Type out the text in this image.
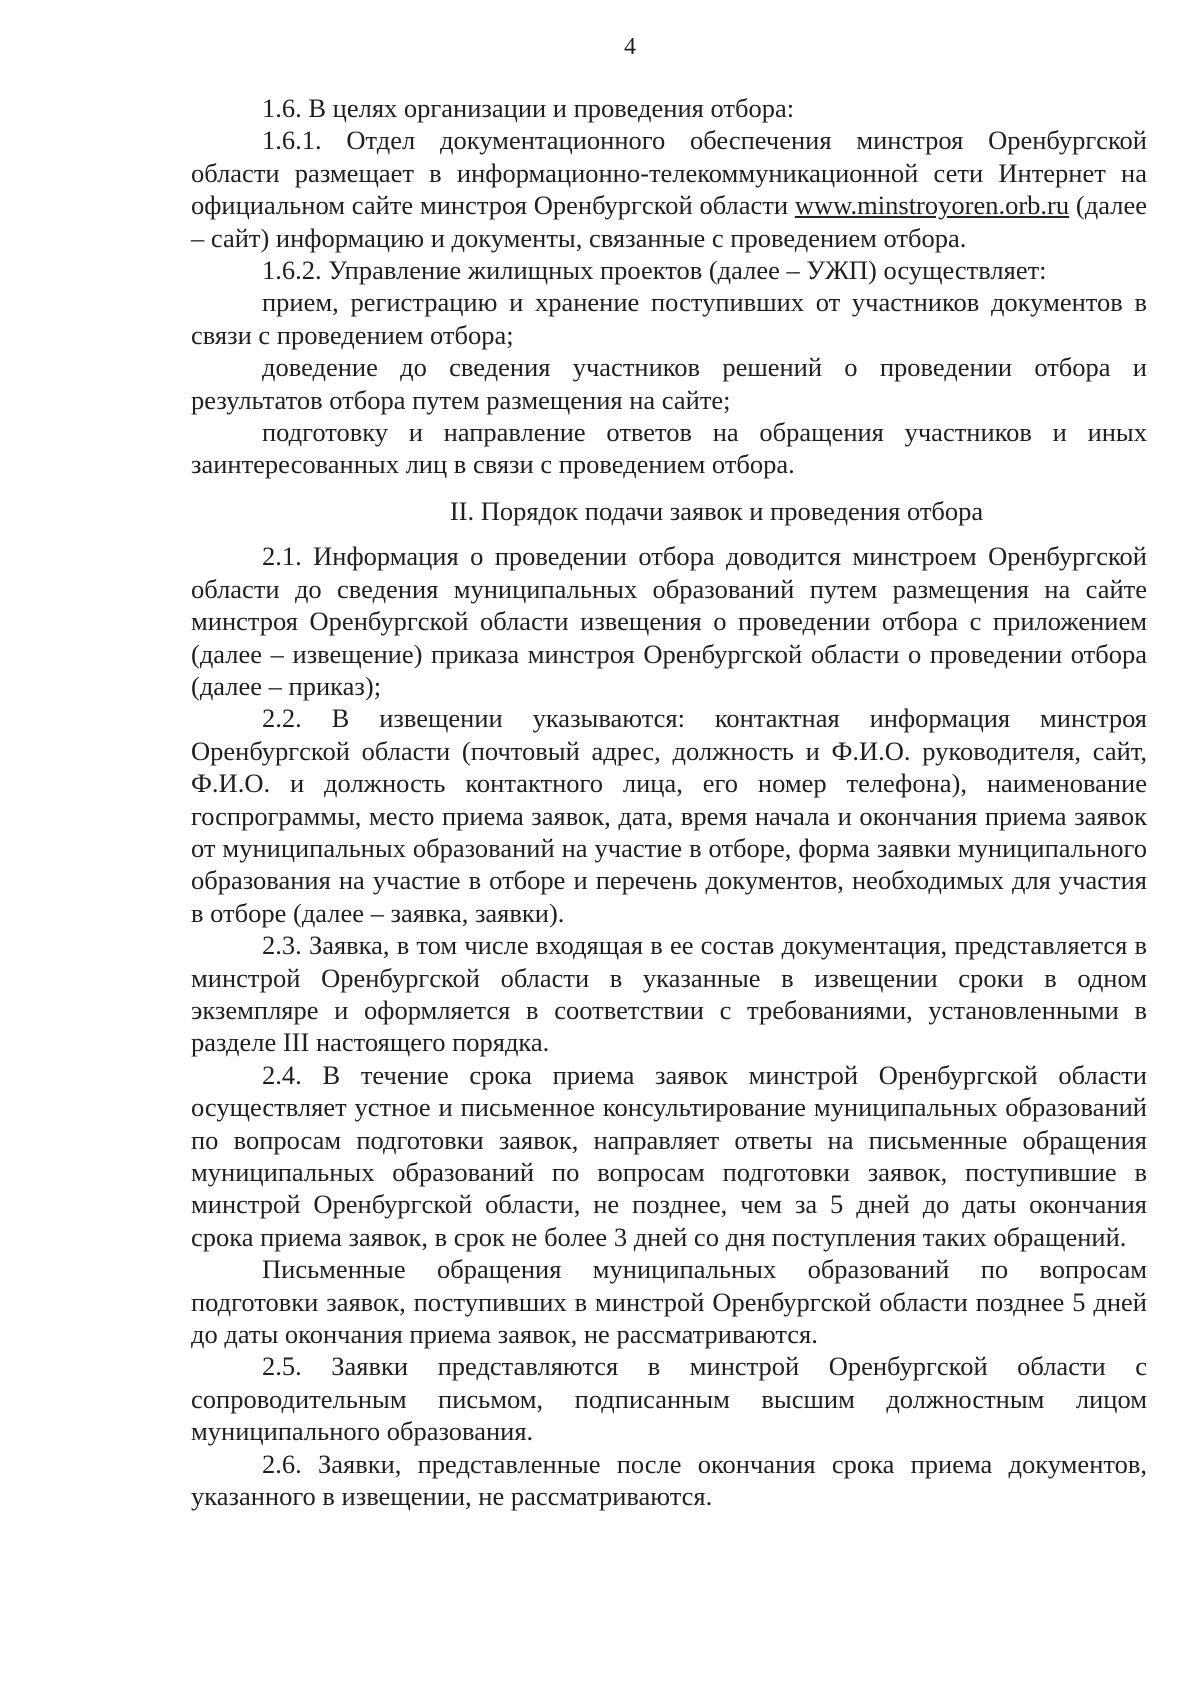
4

1.6. В целях организации и проведения отбора:

1.6.1. Отдел документационного обеспечения минстроя Оренбургской области размещает в информационно-телекоммуникационной сети Интернет на официальном сайте минстроя Оренбургской области www.minstroyoren.orb.ru (далее – сайт) информацию и документы, связанные с проведением отбора.

1.6.2. Управление жилищных проектов (далее – УЖП) осуществляет:

прием, регистрацию и хранение поступивших от участников документов в связи с проведением отбора;

доведение до сведения участников решений о проведении отбора и результатов отбора путем размещения на сайте;

подготовку и направление ответов на обращения участников и иных заинтересованных лиц в связи с проведением отбора.

II. Порядок подачи заявок и проведения отбора

2.1. Информация о проведении отбора доводится минстроем Оренбургской области до сведения муниципальных образований путем размещения на сайте минстроя Оренбургской области извещения о проведении отбора с приложением (далее – извещение) приказа минстроя Оренбургской области о проведении отбора (далее – приказ);

2.2. В извещении указываются: контактная информация минстроя Оренбургской области (почтовый адрес, должность и Ф.И.О. руководителя, сайт, Ф.И.О. и должность контактного лица, его номер телефона), наименование госпрограммы, место приема заявок, дата, время начала и окончания приема заявок от муниципальных образований на участие в отборе, форма заявки муниципального образования на участие в отборе и перечень документов, необходимых для участия в отборе (далее – заявка, заявки).

2.3. Заявка, в том числе входящая в ее состав документация, представляется в минстрой Оренбургской области в указанные в извещении сроки в одном экземпляре и оформляется в соответствии с требованиями, установленными в разделе III настоящего порядка.

2.4. В течение срока приема заявок минстрой Оренбургской области осуществляет устное и письменное консультирование муниципальных образований по вопросам подготовки заявок, направляет ответы на письменные обращения муниципальных образований по вопросам подготовки заявок, поступившие в минстрой Оренбургской области, не позднее, чем за 5 дней до даты окончания срока приема заявок, в срок не более 3 дней со дня поступления таких обращений.

Письменные обращения муниципальных образований по вопросам подготовки заявок, поступивших в минстрой Оренбургской области позднее 5 дней до даты окончания приема заявок, не рассматриваются.

2.5. Заявки представляются в минстрой Оренбургской области с сопроводительным письмом, подписанным высшим должностным лицом муниципального образования.

2.6. Заявки, представленные после окончания срока приема документов, указанного в извещении, не рассматриваются.
